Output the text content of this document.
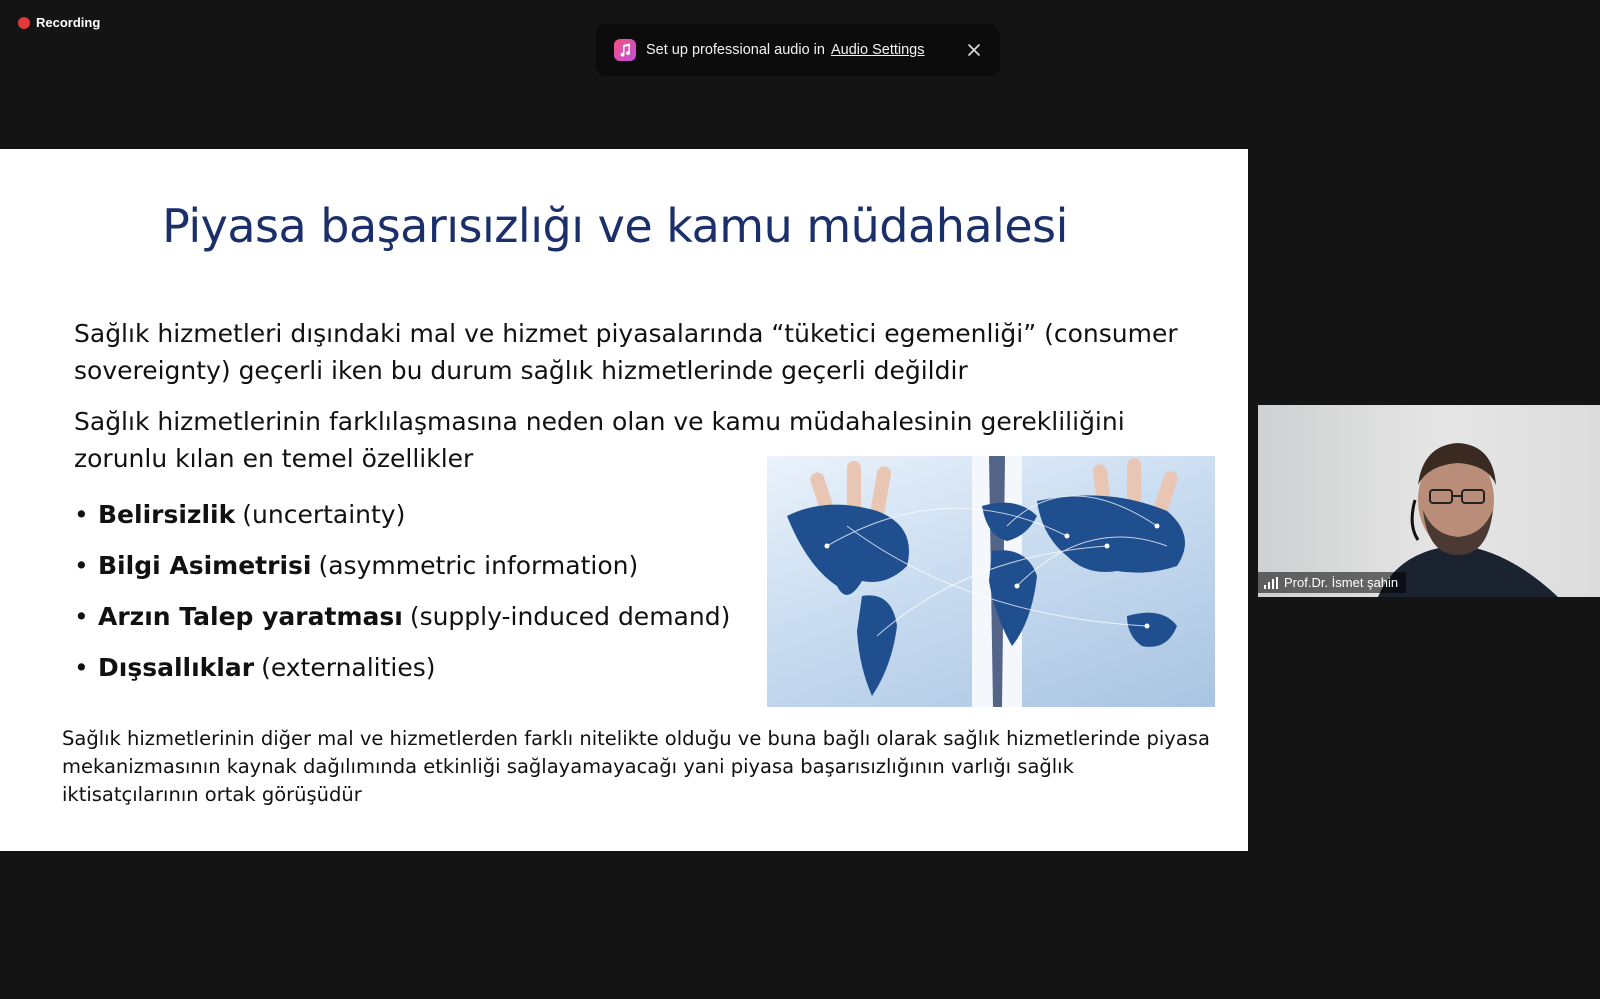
Recording
Set up professional audio in Audio Settings
Piyasa başarısızlığı ve kamu müdahalesi
Sağlık hizmetleri dışındaki mal ve hizmet piyasalarında “tüketici egemenliği” (consumer sovereignty) geçerli iken bu durum sağlık hizmetlerinde geçerli değildir
Sağlık hizmetlerinin farklılaşmasına neden olan ve kamu müdahalesinin gerekliliğini zorunlu kılan en temel özellikler
• Belirsizlik (uncertainty)
• Bilgi Asimetrisi (asymmetric information)
• Arzın Talep yaratması (supply-induced demand)
• Dışsallıklar (externalities)
Sağlık hizmetlerinin diğer mal ve hizmetlerden farklı nitelikte olduğu ve buna bağlı olarak sağlık hizmetlerinde piyasa mekanizmasının kaynak dağılımında etkinliği sağlayamayacağı yani piyasa başarısızlığının varlığı sağlık iktisatçılarının ortak görüşüdür
Prof.Dr. İsmet şahin
